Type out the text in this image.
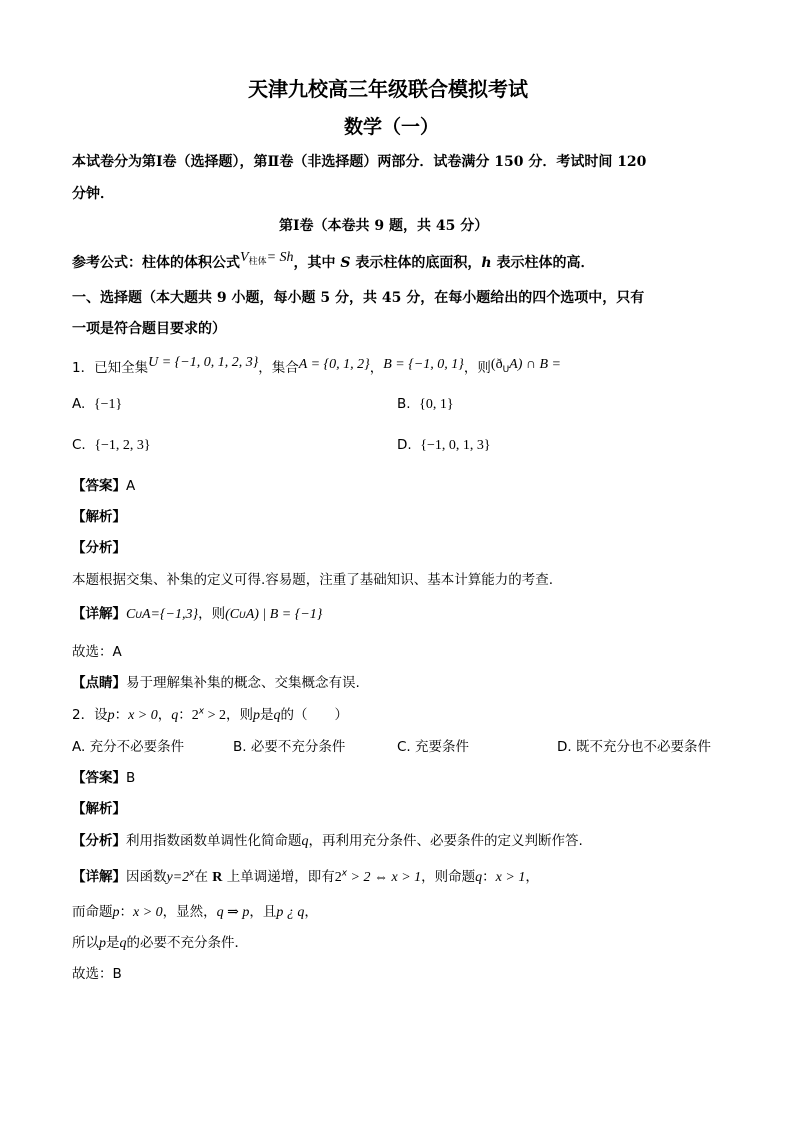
天津九校高三年级联合模拟考试
数学（一）
本试卷分为第Ⅰ卷（选择题），第Ⅱ卷（非选择题）两部分．试卷满分 150 分．考试时间 120
分钟．
第Ⅰ卷（本卷共 9 题，共 45 分）
参考公式：柱体的体积公式$V^{柱体}= Sh$，其中 S 表示柱体的底面积，h 表示柱体的高．
一、选择题（本大题共 9 小题，每小题 5 分，共 45 分，在每小题给出的四个选项中，只有
一项是符合题目要求的）
1．已知全集U = {−1, 0, 1, 2, 3}，集合A = {0, 1, 2}，B = {−1, 0, 1}，则(ðUA) ∩ B =
A. {−1}	B. {0, 1}
C. {−1, 2, 3}	D. {−1, 0, 1, 3}
【答案】A
【解析】
【分析】
本题根据交集、补集的定义可得.容易题，注重了基础知识、基本计算能力的考查.
【详解】CUA={−1,3}，则(CUA) | B = {−1}
故选：A
【点睛】易于理解集补集的概念、交集概念有误.
2．设p：x > 0，q：$2^x > 2$，则p是q的（　　）
A. 充分不必要条件	B. 必要不充分条件	C. 充要条件	D. 既不充分也不必要条件
【答案】B
【解析】
【分析】利用指数函数单调性化简命题q，再利用充分条件、必要条件的定义判断作答.
【详解】因函数$y=2^x$在 R 上单调递增，即有$2^x > 2$ ⇔ x > 1，则命题q：x > 1，
而命题p：x > 0，显然，q ⇒ p，且p ¿ q，
所以p是q的必要不充分条件．
故选：B
